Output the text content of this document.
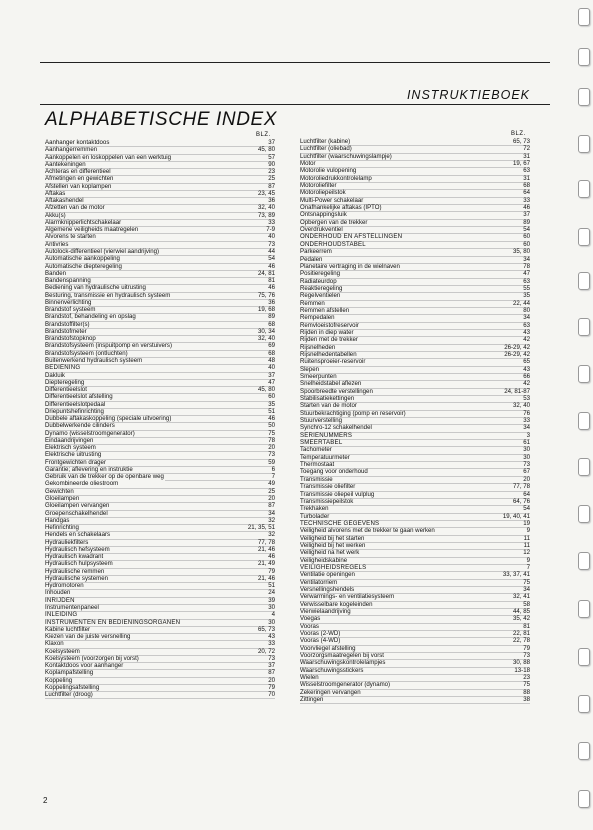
INSTRUKTIEBOEK
ALPHABETISCHE INDEX
BLZ.	BLZ.
Aanhanger kontaktdoos	37
Aanhangerremmen	45, 80
Aankoppelen en loskoppelen van een werktuig	57
Aantekeningen	90
Achteras en differentieel	23
Afmetingen en gewichten	25
Afstellen van koplampen	87
Aftakas	23, 45
Aftakashendel	36
Afzetten van de motor	32, 40
Akku(s)	73, 89
Alarmknipperlichtschakelaar	33
Algemene veiligheids maatregelen	7-9
Alvorens te starten	40
Antivries	73
Autolock-differentieel (vierwiel aandrijving)	44
Automatische aankoppeling	54
Automatische diepteregeling	46
Banden	24, 81
Bandenspanning	81
Bediening van hydraulische uitrusting	46
Besturing, transmissie en hydraulisch systeem	75, 76
Binnenverlichting	36
Brandstof systeem	19, 68
Brandstof, behandeling en opslag	89
Brandstoffilter(s)	68
Brandstofmeter	30, 34
Brandstofstopknop	32, 40
Brandstofsysteem (inspuitpomp en verstuivers)	69
Brandstofsysteem (ontluchten)	68
Buitenwerkend hydraulisch systeem	48
BEDIENING	40
Dakluik	37
Diepteregeling	47
Differentieelslot	45, 80
Differentieelslot afstelling	60
Differentieelslotpedaal	35
Driepuntshefinrichting	51
Dubbele aftakaskoppeling (speciale uitvoering)	46
Dubbelwerkende cilinders	50
Dynamo (wisselstroomgenerator)	75
Eindaandrijvingen	78
Elektrisch systeem	20
Elektrische uitrusting	73
Frontgewichten drager	59
Garantie; aflevering en instruktie	6
Gebruik van de trekker op de openbare weg	7
Gekombineerde oliestroom	49
Gewichten	25
Gloeilampen	20
Gloeilampen vervangen	87
Groepenschakelhendel	34
Handgas	32
Hefinrichting	21, 35, 51
Hendels en schakelaars	32
Hydrauliekfilters	77, 78
Hydraulisch hefsysteem	21, 46
Hydraulisch kwadrant	46
Hydraulisch hulpsysteem	21, 49
Hydraulische remmen	79
Hydraulische systemen	21, 46
Hydromotoren	51
Inhouden	24
INRIJDEN	39
Instrumentenpaneel	30
INLEIDING	4
INSTRUMENTEN EN BEDIENINGSORGANEN	30
Kabine luchtfilter	65, 73
Kiezen van de juiste versnelling	43
Klaxon	33
Koelsysteem	20, 72
Koelsysteem (voorzorgen bij vorst)	73
Kontaktdoos voor aanhanger	37
Koplampafstelling	87
Koppeling	20
Koppelingsafstelling	79
Luchtfilter (droog)	70
Luchtfilter (kabine)	65, 73
Luchtfilter (oliebad)	72
Luchtfilter (waarschuwingslampje)	31
Motor	19, 67
Motorolie vulopening	63
Motoroliedrukkontrolelamp	31
Motoroliefilter	68
Motoroliepeilstok	64
Multi-Power schakelaar	33
Onafhankelijke aftakas (IPTO)	46
Ontsnappingsluik	37
Opbergen van de trekker	89
Overdrukventiel	54
ONDERHOUD EN AFSTELLINGEN	60
ONDERHOUDSTABEL	60
Parkeerrem	35, 80
Pedalen	34
Planetaire vertraging in de wielnaven	78
Positieregeling	47
Radiateurdop	63
Reaktieregeling	55
Regelventielen	35
Remmen	22, 44
Remmen afstellen	80
Rempedalen	34
Remvloeistofreservoir	63
Rijden in diep water	43
Rijden met de trekker	42
Rijsnelheden	26-29, 42
Rijsnelhedentabellen	26-29, 42
Ruitensproeier-reservoir	65
Slepen	43
Smeerpunten	66
Snelheidstabel aflezen	42
Spoorbreedte verstellingen	24, 81-87
Stabilisatiekettingen	53
Starten van de motor	32, 40
Stuurbekrachtiging (pomp en reservoir)	76
Stuurverstelling	33
Synchro-12 schakelhendel	34
SERIENUMMERS	3
SMEERTABEL	61
Tachometer	30
Temperatuurmeter	30
Thermostaat	73
Toegang voor onderhoud	67
Transmissie	20
Transmissie oliefilter	77, 78
Transmissie oliepeil vulplug	64
Transmissiepeilstok	64, 76
Trekhaken	54
Turbolader	19, 40, 41
TECHNISCHE GEGEVENS	19
Veiligheid alvorens met de trekker te gaan werken	9
Veiligheid bij het starten	11
Veiligheid bij het werken	11
Veiligheid na het werk	12
Veiligheidskabine	9
VEILIGHEIDSREGELS	7
Ventilatie openingen	33, 37, 41
Ventilatorriem	75
Versnellingshendels	34
Verwarmings- en ventilatiesysteem	32, 41
Verwisselbare kogeleinden	58
Vierwielaandrijving	44, 85
Voegas	35, 42
Vooras	81
Vooras (2-WD)	22, 81
Vooras (4-WD)	22, 78
Voorvliegel afstelling	79
Voorzorgsmaatregelen bij vorst	73
Waarschuwingskontrolelampjes	30, 88
Waarschuwingsstickers	13-18
Wielen	23
Wisselstroomgenerator (dynamo)	75
Zekeringen vervangen	88
Zittingen	38
2
